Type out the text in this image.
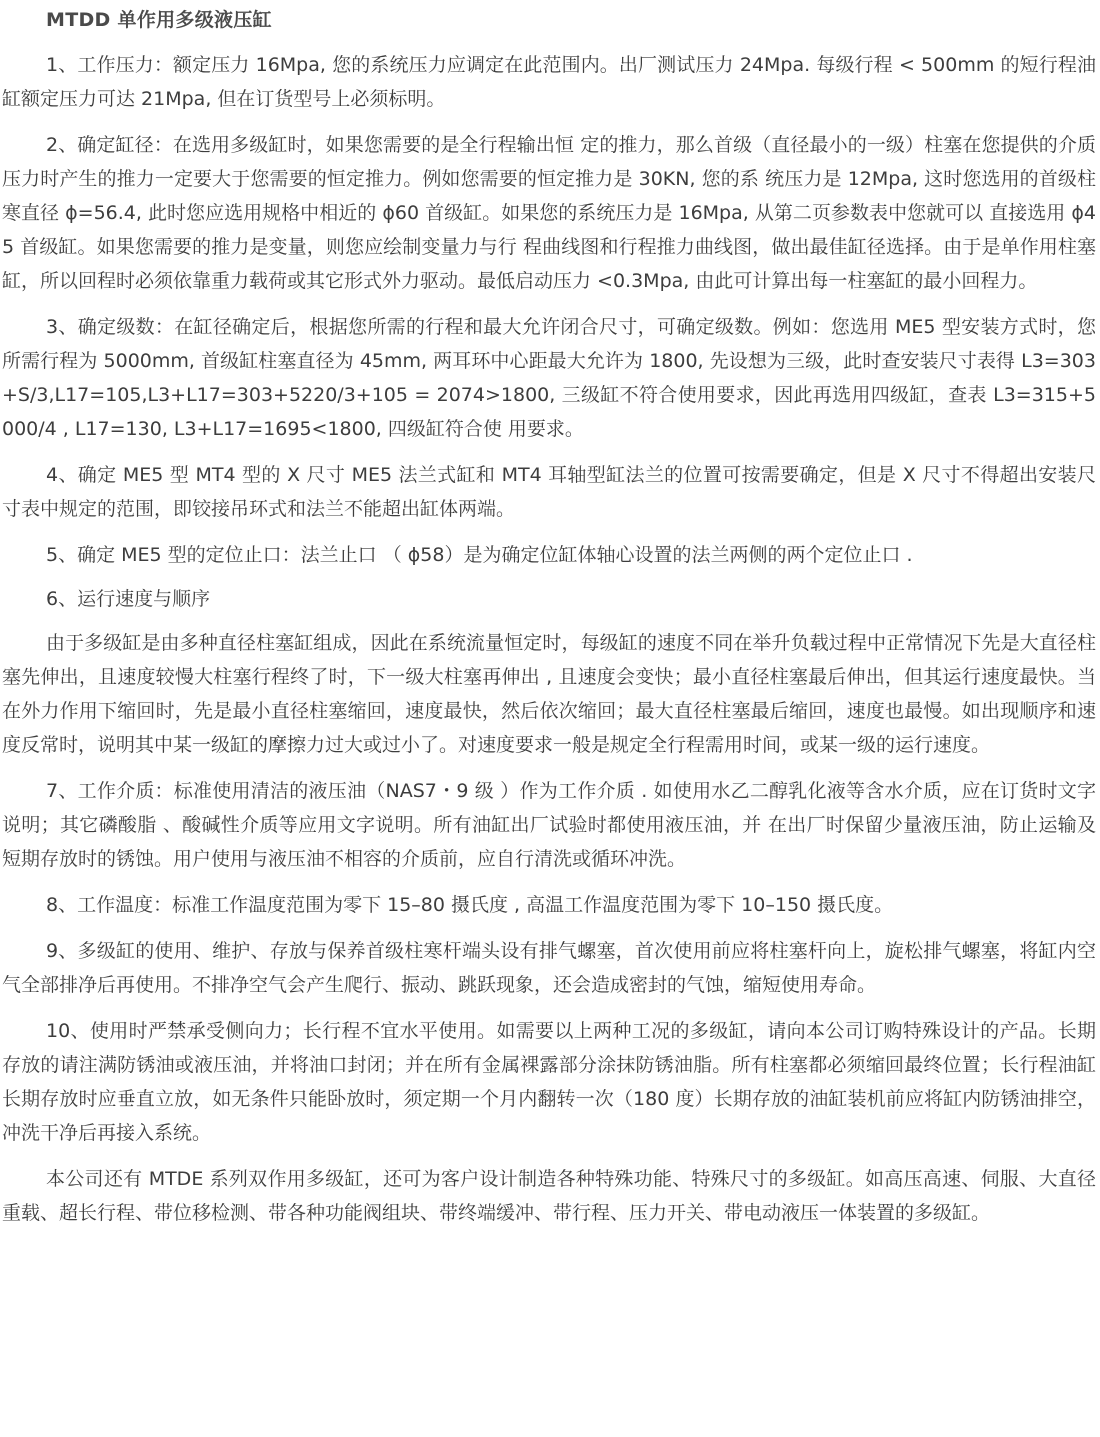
MTDD 单作用多级液压缸

1、工作压力：额定压力 16Mpa, 您的系统压力应调定在此范围内。出厂测试压力 24Mpa. 每级行程 < 500mm 的短行程油缸额定压力可达 21Mpa, 但在订货型号上必须标明。

2、确定缸径：在选用多级缸时，如果您需要的是全行程输出恒 定的推力，那么首级（直径最小的一级）柱塞在您提供的介质压力时产生的推力一定要大于您需要的恒定推力。例如您需要的恒定推力是 30KN, 您的系 统压力是 12Mpa, 这时您选用的首级柱寒直径 ϕ=56.4, 此时您应选用规格中相近的 ϕ60 首级缸。如果您的系统压力是 16Mpa, 从第二页参数表中您就可以 直接选用 ϕ45 首级缸。如果您需要的推力是变量，则您应绘制变量力与行 程曲线图和行程推力曲线图，做出最佳缸径选择。由于是单作用柱塞缸，所以回程时必须依靠重力载荷或其它形式外力驱动。最低启动压力 <0.3Mpa, 由此可计算出每一柱塞缸的最小回程力。

3、确定级数：在缸径确定后，根据您所需的行程和最大允许闭合尺寸，可确定级数。例如：您选用 ME5 型安装方式时，您所需行程为 5000mm, 首级缸柱塞直径为 45mm, 两耳环中心距最大允许为 1800, 先设想为三级，此时查安装尺寸表得 L3=303+S/3,L17=105,L3+L17=303+5220/3+105 = 2074>1800, 三级缸不符合使用要求，因此再选用四级缸，查表 L3=315+5000/4 , L17=130, L3+L17=1695<1800, 四级缸符合使 用要求。

4、确定 ME5 型 MT4 型的 X 尺寸 ME5 法兰式缸和 MT4 耳轴型缸法兰的位置可按需要确定，但是 X 尺寸不得超出安装尺寸表中规定的范围，即铰接吊环式和法兰不能超出缸体两端。

5、确定 ME5 型的定位止口：法兰止口 （ ϕ58）是为确定位缸体轴心设置的法兰两侧的两个定位止口 .

6、运行速度与顺序

由于多级缸是由多种直径柱塞缸组成，因此在系统流量恒定时，每级缸的速度不同在举升负载过程中正常情况下先是大直径柱塞先伸出，且速度较慢大柱塞行程终了时，下一级大柱塞再伸出 , 且速度会变快；最小直径柱塞最后伸出，但其运行速度最快。当在外力作用下缩回时，先是最小直径柱塞缩回，速度最快，然后依次缩回；最大直径柱塞最后缩回，速度也最慢。如出现顺序和速度反常时，说明其中某一级缸的摩擦力过大或过小了。对速度要求一般是规定全行程需用时间，或某一级的运行速度。

7、工作介质：标准使用清洁的液压油（NAS7・9 级 ）作为工作介质 . 如使用水乙二醇乳化液等含水介质，应在订货时文字说明；其它磷酸脂 、酸碱性介质等应用文字说明。所有油缸出厂试验时都使用液压油，并 在出厂时保留少量液压油，防止运输及短期存放时的锈蚀。用户使用与液压油不相容的介质前，应自行清洗或循环冲洗。

8、工作温度：标准工作温度范围为零下 15–80 摄氏度 , 高温工作温度范围为零下 10–150 摄氏度。

9、多级缸的使用、维护、存放与保养首级柱寒杆端头设有排气螺塞，首次使用前应将柱塞杆向上，旋松排气螺塞，将缸内空气全部排净后再使用。不排净空气会产生爬行、振动、跳跃现象，还会造成密封的气蚀，缩短使用寿命。

10、使用时严禁承受侧向力；长行程不宜水平使用。如需要以上两种工况的多级缸，请向本公司订购特殊设计的产品。长期存放的请注满防锈油或液压油，并将油口封闭；并在所有金属裸露部分涂抹防锈油脂。所有柱塞都必须缩回最终位置；长行程油缸长期存放时应垂直立放，如无条件只能卧放时，须定期一个月内翻转一次（180 度）长期存放的油缸装机前应将缸内防锈油排空，冲洗干净后再接入系统。

本公司还有 MTDE 系列双作用多级缸，还可为客户设计制造各种特殊功能、特殊尺寸的多级缸。如高压高速、伺服、大直径重载、超长行程、带位移检测、带各种功能阀组块、带终端缓冲、带行程、压力开关、带电动液压一体装置的多级缸。
